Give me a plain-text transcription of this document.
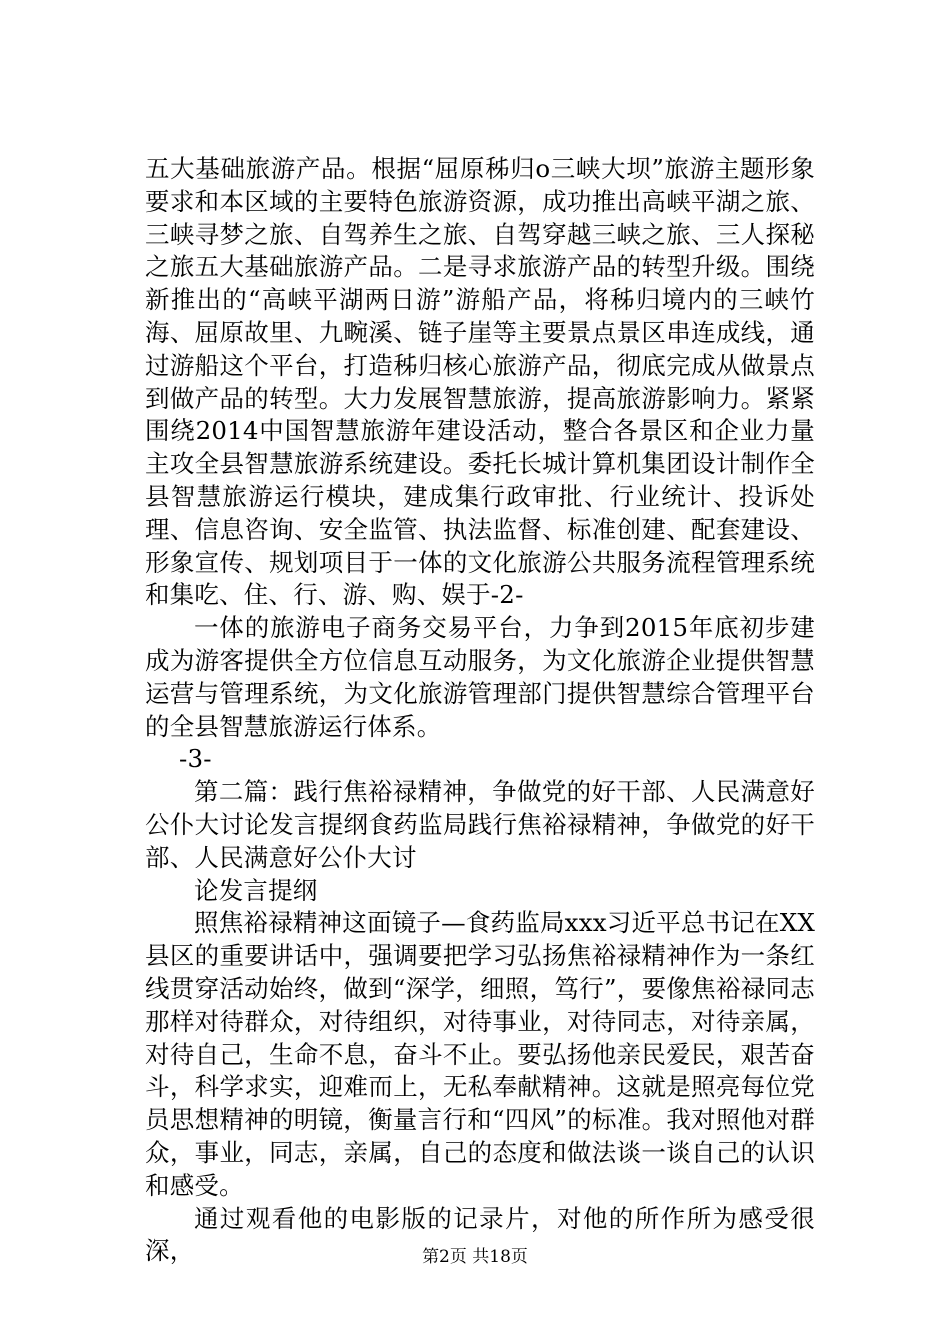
五大基础旅游产品。根据“屈原秭归o三峡大坝”旅游主题形象要求和本区域的主要特色旅游资源，成功推出高峡平湖之旅、三峡寻梦之旅、自驾养生之旅、自驾穿越三峡之旅、三人探秘之旅五大基础旅游产品。二是寻求旅游产品的转型升级。围绕新推出的“高峡平湖两日游”游船产品，将秭归境内的三峡竹海、屈原故里、九畹溪、链子崖等主要景点景区串连成线，通过游船这个平台，打造秭归核心旅游产品，彻底完成从做景点到做产品的转型。大力发展智慧旅游，提高旅游影响力。紧紧围绕2014中国智慧旅游年建设活动，整合各景区和企业力量主攻全县智慧旅游系统建设。委托长城计算机集团设计制作全县智慧旅游运行模块，建成集行政审批、行业统计、投诉处理、信息咨询、安全监管、执法监督、标准创建、配套建设、形象宣传、规划项目于一体的文化旅游公共服务流程管理系统和集吃、住、行、游、购、娱于-2-

一体的旅游电子商务交易平台，力争到2015年底初步建成为游客提供全方位信息互动服务，为文化旅游企业提供智慧运营与管理系统，为文化旅游管理部门提供智慧综合管理平台的全县智慧旅游运行体系。

-3-

第二篇：践行焦裕禄精神，争做党的好干部、人民满意好公仆大讨论发言提纲食药监局践行焦裕禄精神，争做党的好干部、人民满意好公仆大讨

论发言提纲

照焦裕禄精神这面镜子—食药监局xxx习近平总书记在XX县区的重要讲话中，强调要把学习弘扬焦裕禄精神作为一条红线贯穿活动始终，做到“深学，细照，笃行”，要像焦裕禄同志那样对待群众，对待组织，对待事业，对待同志，对待亲属，对待自己，生命不息，奋斗不止。要弘扬他亲民爱民，艰苦奋斗，科学求实，迎难而上，无私奉献精神。这就是照亮每位党员思想精神的明镜，衡量言行和“四风”的标准。我对照他对群众，事业，同志，亲属，自己的态度和做法谈一谈自己的认识和感受。

通过观看他的电影版的记录片，对他的所作所为感受很深，	第2页 共18页
